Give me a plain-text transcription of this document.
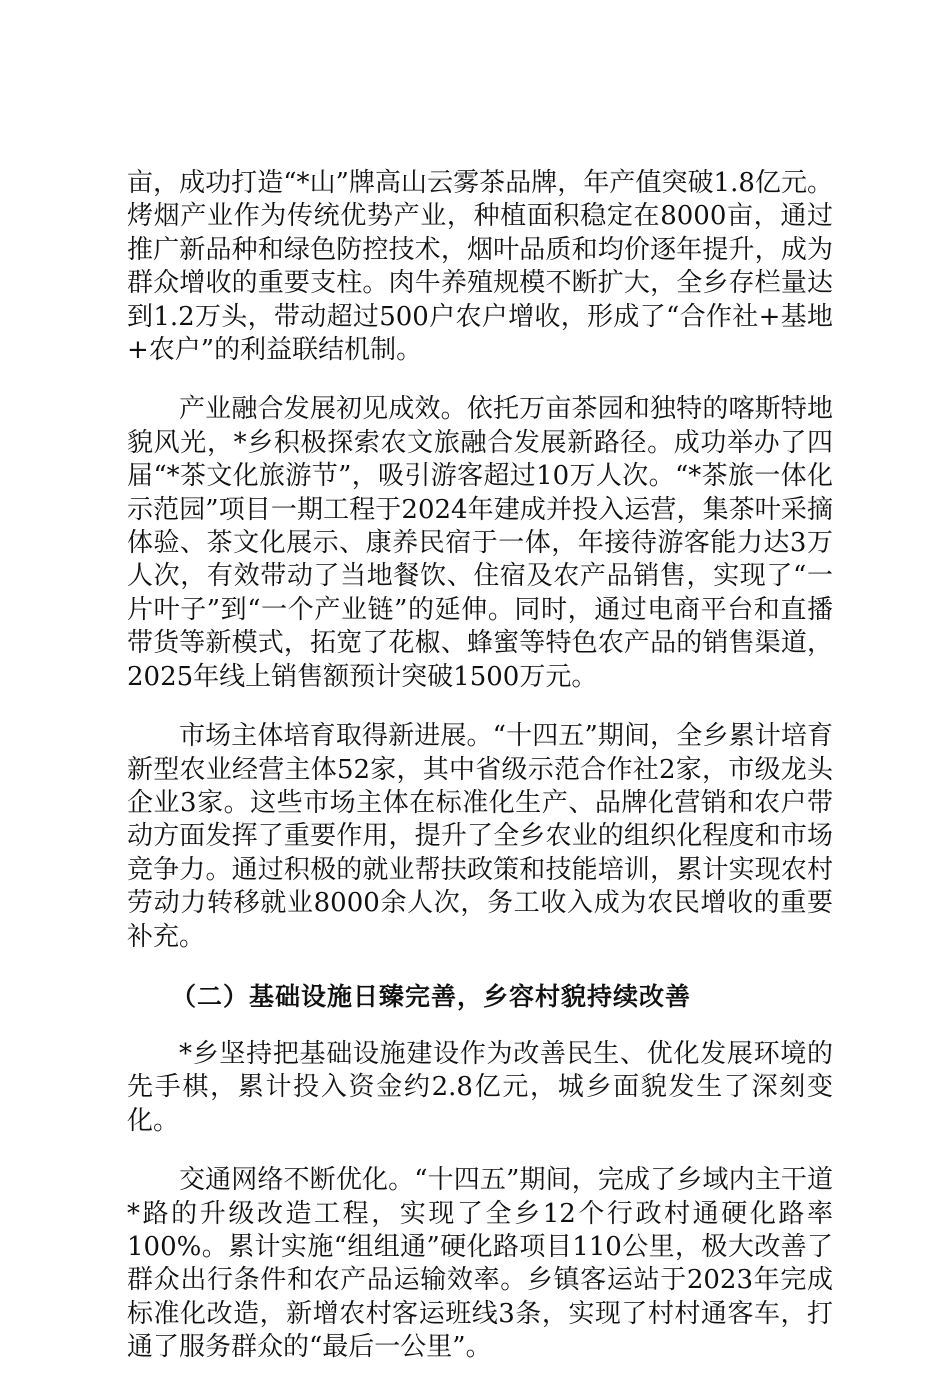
亩，成功打造“*山”牌高山云雾茶品牌，年产值突破1.8亿元。烤烟产业作为传统优势产业，种植面积稳定在8000亩，通过推广新品种和绿色防控技术，烟叶品质和均价逐年提升，成为群众增收的重要支柱。肉牛养殖规模不断扩大，全乡存栏量达到1.2万头，带动超过500户农户增收，形成了“合作社+基地+农户”的利益联结机制。

产业融合发展初见成效。依托万亩茶园和独特的喀斯特地貌风光，*乡积极探索农文旅融合发展新路径。成功举办了四届“*茶文化旅游节”，吸引游客超过10万人次。“*茶旅一体化示范园”项目一期工程于2024年建成并投入运营，集茶叶采摘体验、茶文化展示、康养民宿于一体，年接待游客能力达3万人次，有效带动了当地餐饮、住宿及农产品销售，实现了“一片叶子”到“一个产业链”的延伸。同时，通过电商平台和直播带货等新模式，拓宽了花椒、蜂蜜等特色农产品的销售渠道，2025年线上销售额预计突破1500万元。

市场主体培育取得新进展。“十四五”期间，全乡累计培育新型农业经营主体52家，其中省级示范合作社2家，市级龙头企业3家。这些市场主体在标准化生产、品牌化营销和农户带动方面发挥了重要作用，提升了全乡农业的组织化程度和市场竞争力。通过积极的就业帮扶政策和技能培训，累计实现农村劳动力转移就业8000余人次，务工收入成为农民增收的重要补充。

（二）基础设施日臻完善，乡容村貌持续改善

*乡坚持把基础设施建设作为改善民生、优化发展环境的先手棋，累计投入资金约2.8亿元，城乡面貌发生了深刻变化。

交通网络不断优化。“十四五”期间，完成了乡域内主干道*路的升级改造工程，实现了全乡12个行政村通硬化路率100%。累计实施“组组通”硬化路项目110公里，极大改善了群众出行条件和农产品运输效率。乡镇客运站于2023年完成标准化改造，新增农村客运班线3条，实现了村村通客车，打通了服务群众的“最后一公里”。
